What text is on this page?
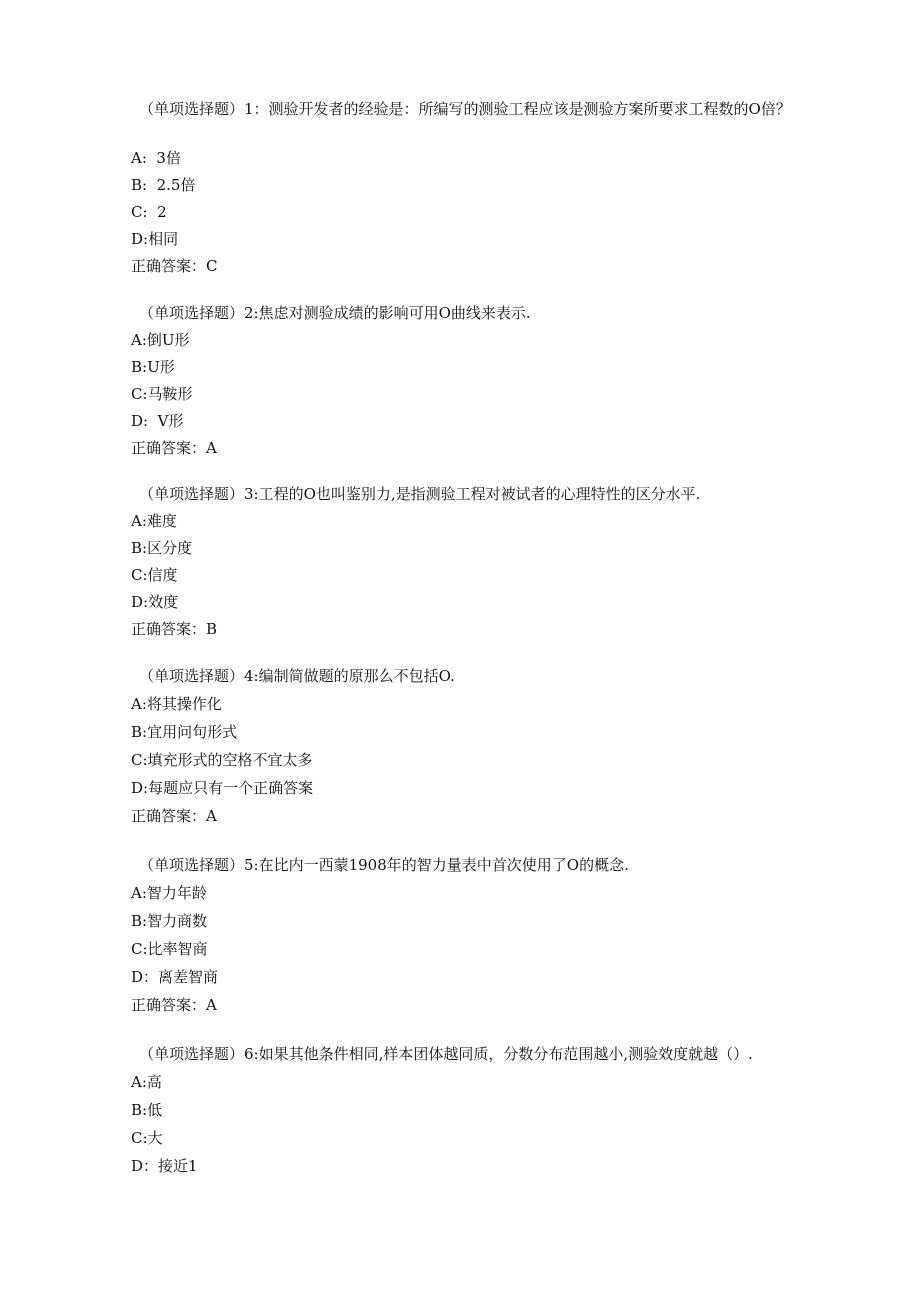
（单项选择题）1：测验开发者的经验是：所编写的测验工程应该是测验方案所要求工程数的O倍？
A:  3倍
B:  2.5倍
C:  2
D:相同
正确答案：C
（单项选择题）2:焦虑对测验成绩的影响可用O曲线来表示.
A:倒U形
B:U形
C:马鞍形
D:  V形
正确答案：A
（单项选择题）3:工程的O也叫鉴别力,是指测验工程对被试者的心理特性的区分水平.
A:难度
B:区分度
C:信度
D:效度
正确答案：B
（单项选择题）4:编制简做题的原那么不包括O.
A:将其操作化
B:宜用问句形式
C:填充形式的空格不宜太多
D:每题应只有一个正确答案
正确答案：A
（单项选择题）5:在比内一西蒙1908年的智力量表中首次使用了O的概念.
A:智力年龄
B:智力商数
C:比率智商
D：离差智商
正确答案：A
（单项选择题）6:如果其他条件相同,样本团体越同质，分数分布范围越小,测验效度就越（）.
A:高
B:低
C:大
D：接近1
